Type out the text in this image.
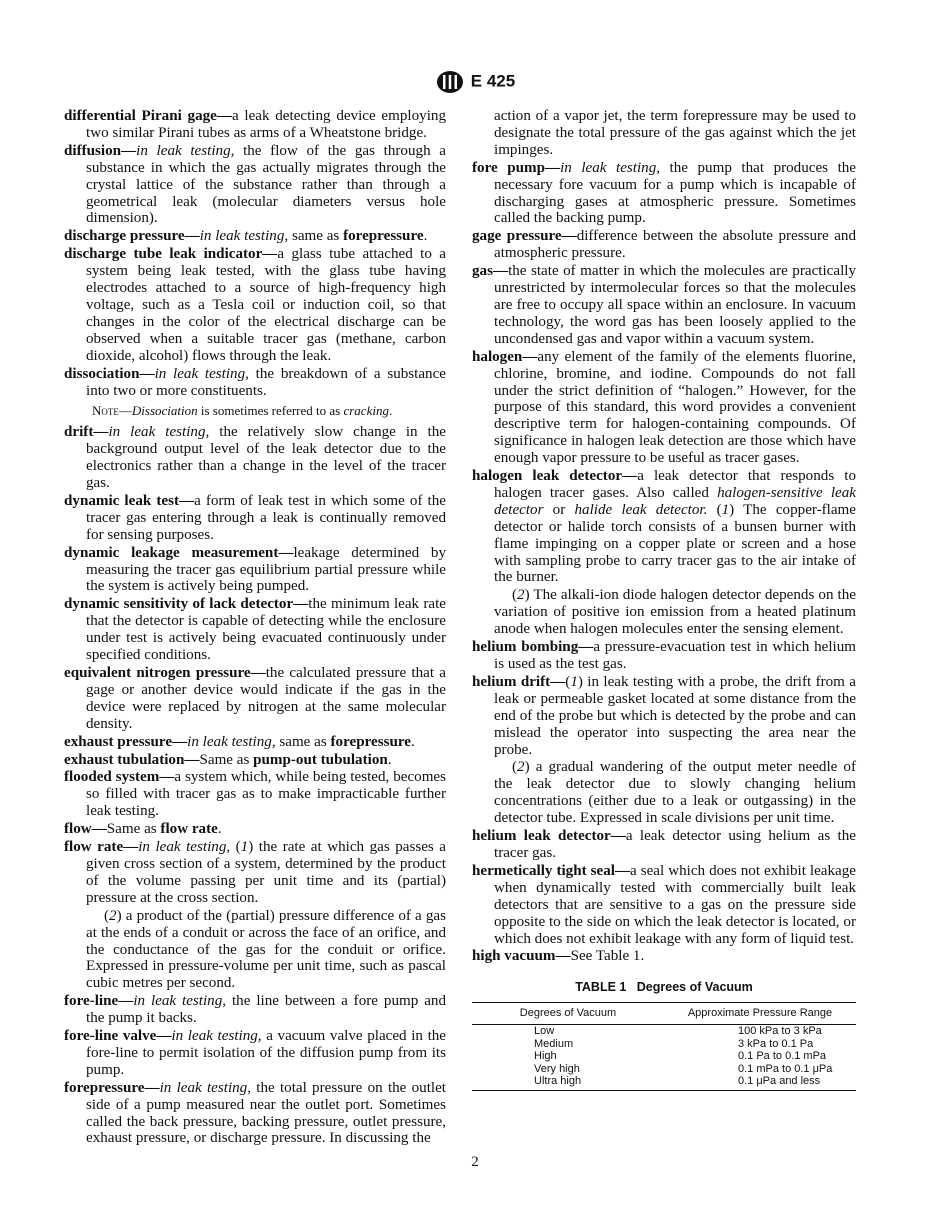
E 425
differential Pirani gage—a leak detecting device employing two similar Pirani tubes as arms of a Wheatstone bridge.
diffusion—in leak testing, the flow of the gas through a substance in which the gas actually migrates through the crystal lattice of the substance rather than through a geometrical leak (molecular diameters versus hole dimension).
discharge pressure—in leak testing, same as forepressure.
discharge tube leak indicator—a glass tube attached to a system being leak tested, with the glass tube having electrodes attached to a source of high-frequency high voltage, such as a Tesla coil or induction coil, so that changes in the color of the electrical discharge can be observed when a suitable tracer gas (methane, carbon dioxide, alcohol) flows through the leak.
dissociation—in leak testing, the breakdown of a substance into two or more constituents.
Note—Dissociation is sometimes referred to as cracking.
drift—in leak testing, the relatively slow change in the background output level of the leak detector due to the electronics rather than a change in the level of the tracer gas.
dynamic leak test—a form of leak test in which some of the tracer gas entering through a leak is continually removed for sensing purposes.
dynamic leakage measurement—leakage determined by measuring the tracer gas equilibrium partial pressure while the system is actively being pumped.
dynamic sensitivity of lack detector—the minimum leak rate that the detector is capable of detecting while the enclosure under test is actively being evacuated continuously under specified conditions.
equivalent nitrogen pressure—the calculated pressure that a gage or another device would indicate if the gas in the device were replaced by nitrogen at the same molecular density.
exhaust pressure—in leak testing, same as forepressure.
exhaust tubulation—Same as pump-out tubulation.
flooded system—a system which, while being tested, becomes so filled with tracer gas as to make impracticable further leak testing.
flow—Same as flow rate.
flow rate—in leak testing, (1) the rate at which gas passes a given cross section of a system, determined by the product of the volume passing per unit time and its (partial) pressure at the cross section.
(2) a product of the (partial) pressure difference of a gas at the ends of a conduit or across the face of an orifice, and the conductance of the gas for the conduit or orifice. Expressed in pressure-volume per unit time, such as pascal cubic metres per second.
fore-line—in leak testing, the line between a fore pump and the pump it backs.
fore-line valve—in leak testing, a vacuum valve placed in the fore-line to permit isolation of the diffusion pump from its pump.
forepressure—in leak testing, the total pressure on the outlet side of a pump measured near the outlet port. Sometimes called the back pressure, backing pressure, outlet pressure, exhaust pressure, or discharge pressure. In discussing the
action of a vapor jet, the term forepressure may be used to designate the total pressure of the gas against which the jet impinges.
fore pump—in leak testing, the pump that produces the necessary fore vacuum for a pump which is incapable of discharging gases at atmospheric pressure. Sometimes called the backing pump.
gage pressure—difference between the absolute pressure and atmospheric pressure.
gas—the state of matter in which the molecules are practically unrestricted by intermolecular forces so that the molecules are free to occupy all space within an enclosure. In vacuum technology, the word gas has been loosely applied to the uncondensed gas and vapor within a vacuum system.
halogen—any element of the family of the elements fluorine, chlorine, bromine, and iodine. Compounds do not fall under the strict definition of “halogen.” However, for the purpose of this standard, this word provides a convenient descriptive term for halogen-containing compounds. Of significance in halogen leak detection are those which have enough vapor pressure to be useful as tracer gases.
halogen leak detector—a leak detector that responds to halogen tracer gases. Also called halogen-sensitive leak detector or halide leak detector. (1) The copper-flame detector or halide torch consists of a bunsen burner with flame impinging on a copper plate or screen and a hose with sampling probe to carry tracer gas to the air intake of the burner.
(2) The alkali-ion diode halogen detector depends on the variation of positive ion emission from a heated platinum anode when halogen molecules enter the sensing element.
helium bombing—a pressure-evacuation test in which helium is used as the test gas.
helium drift—(1) in leak testing with a probe, the drift from a leak or permeable gasket located at some distance from the end of the probe but which is detected by the probe and can mislead the operator into suspecting the area near the probe.
(2) a gradual wandering of the output meter needle of the leak detector due to slowly changing helium concentrations (either due to a leak or outgassing) in the detector tube. Expressed in scale divisions per unit time.
helium leak detector—a leak detector using helium as the tracer gas.
hermetically tight seal—a seal which does not exhibit leakage when dynamically tested with commercially built leak detectors that are sensitive to a gas on the pressure side opposite to the side on which the leak detector is located, or which does not exhibit leakage with any form of liquid test.
high vacuum—See Table 1.
TABLE 1 Degrees of Vacuum
Degrees of Vacuum	Approximate Pressure Range
Low	100 kPa to 3 kPa
Medium	3 kPa to 0.1 Pa
High	0.1 Pa to 0.1 mPa
Very high	0.1 mPa to 0.1 μPa
Ultra high	0.1 μPa and less
2
